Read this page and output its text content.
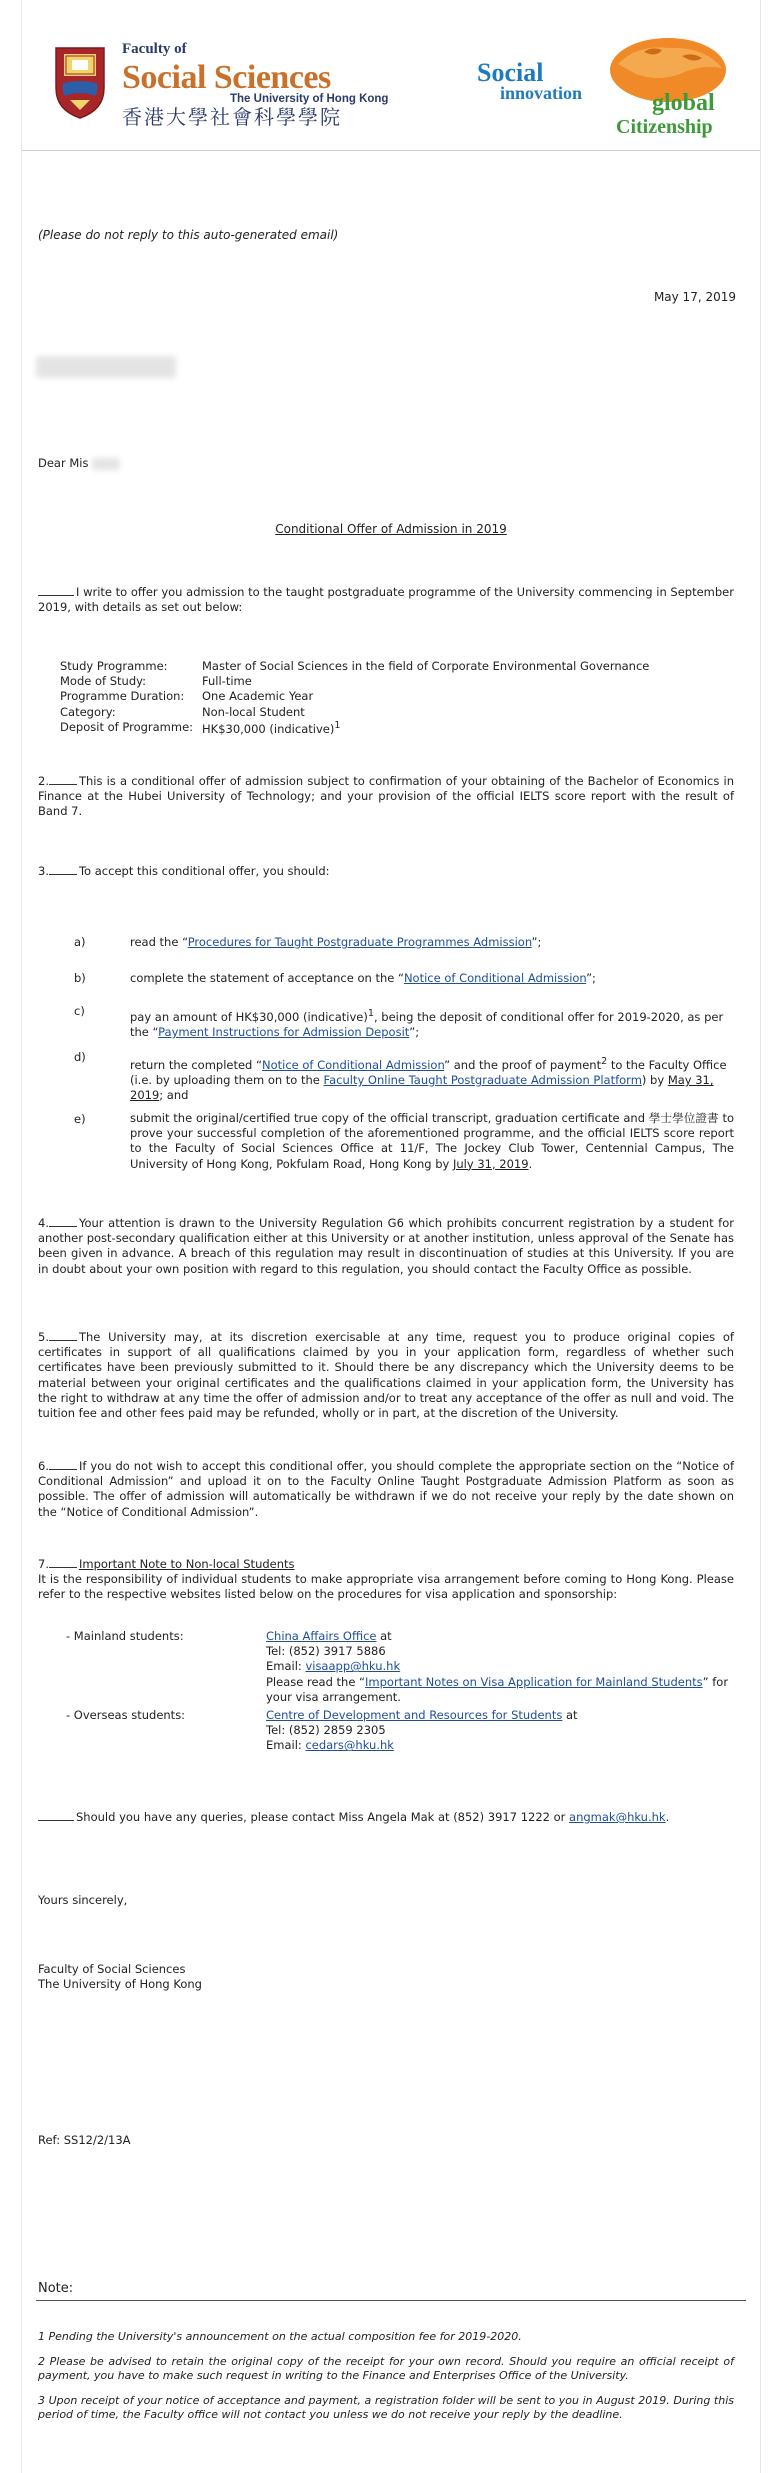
Faculty of
Social Sciences
The University of Hong Kong
香港大學社會科學學院
Social
innovation	global
Citizenship
(Please do not reply to this auto-generated email)
May 17, 2019
Dear Mis
Conditional Offer of Admission in 2019
I write to offer you admission to the taught postgraduate programme of the University commencing in September 2019, with details as set out below:
Study Programme:	Master of Social Sciences in the field of Corporate Environmental Governance
Mode of Study:	Full-time
Programme Duration:	One Academic Year
Category:	Non-local Student
Deposit of Programme: HK$30,000 (indicative)$^1$
2.	This is a conditional offer of admission subject to confirmation of your obtaining of the Bachelor of Economics in Finance at the Hubei University of Technology; and your provision of the official IELTS score report with the result of Band 7.
3.	To accept this conditional offer, you should:
a)	read the “Procedures for Taught Postgraduate Programmes Admission”;
b)	complete the statement of acceptance on the “Notice of Conditional Admission”;
c)	pay an amount of HK$30,000 (indicative)$^1$, being the deposit of conditional offer for 2019-2020, as per the “Payment Instructions for Admission Deposit”;
d)
return the completed “Notice of Conditional Admission” and the proof of payment$^2$ to the Faculty Office (i.e. by uploading them on to the Faculty Online Taught Postgraduate Admission Platform) by May 31, 2019; and
e)	submit the original/certified true copy of the official transcript, graduation certificate and 學士學位證書 to prove your successful completion of the aforementioned programme, and the official IELTS score report to the Faculty of Social Sciences Office at 11/F, The Jockey Club Tower, Centennial Campus, The University of Hong Kong, Pokfulam Road, Hong Kong by July 31, 2019.
4.	Your attention is drawn to the University Regulation G6 which prohibits concurrent registration by a student for another post-secondary qualification either at this University or at another institution, unless approval of the Senate has been given in advance. A breach of this regulation may result in discontinuation of studies at this University. If you are in doubt about your own position with regard to this regulation, you should contact the Faculty Office as possible.
5.	The University may, at its discretion exercisable at any time, request you to produce original copies of certificates in support of all qualifications claimed by you in your application form, regardless of whether such certificates have been previously submitted to it. Should there be any discrepancy which the University deems to be material between your original certificates and the qualifications claimed in your application form, the University has the right to withdraw at any time the offer of admission and/or to treat any acceptance of the offer as null and void. The tuition fee and other fees paid may be refunded, wholly or in part, at the discretion of the University.
6.	If you do not wish to accept this conditional offer, you should complete the appropriate section on the “Notice of Conditional Admission” and upload it on to the Faculty Online Taught Postgraduate Admission Platform as soon as possible. The offer of admission will automatically be withdrawn if we do not receive your reply by the date shown on the “Notice of Conditional Admission”.
7.	Important Note to Non-local Students
It is the responsibility of individual students to make appropriate visa arrangement before coming to Hong Kong. Please refer to the respective websites listed below on the procedures for visa application and sponsorship:
- Mainland students:	China Affairs Office at
Tel: (852) 3917 5886
Email: visaapp@hku.hk
Please read the “Important Notes on Visa Application for Mainland Students” for your visa arrangement.
- Overseas students:	Centre of Development and Resources for Students at
Tel: (852) 2859 2305
Email: cedars@hku.hk
Should you have any queries, please contact Miss Angela Mak at (852) 3917 1222 or angmak@hku.hk.
Yours sincerely,
Faculty of Social Sciences
The University of Hong Kong
Ref: SS12/2/13A
Note:
1 Pending the University's announcement on the actual composition fee for 2019-2020.
2 Please be advised to retain the original copy of the receipt for your own record. Should you require an official receipt of payment, you have to make such request in writing to the Finance and Enterprises Office of the University.
3 Upon receipt of your notice of acceptance and payment, a registration folder will be sent to you in August 2019. During this period of time, the Faculty office will not contact you unless we do not receive your reply by the deadline.
